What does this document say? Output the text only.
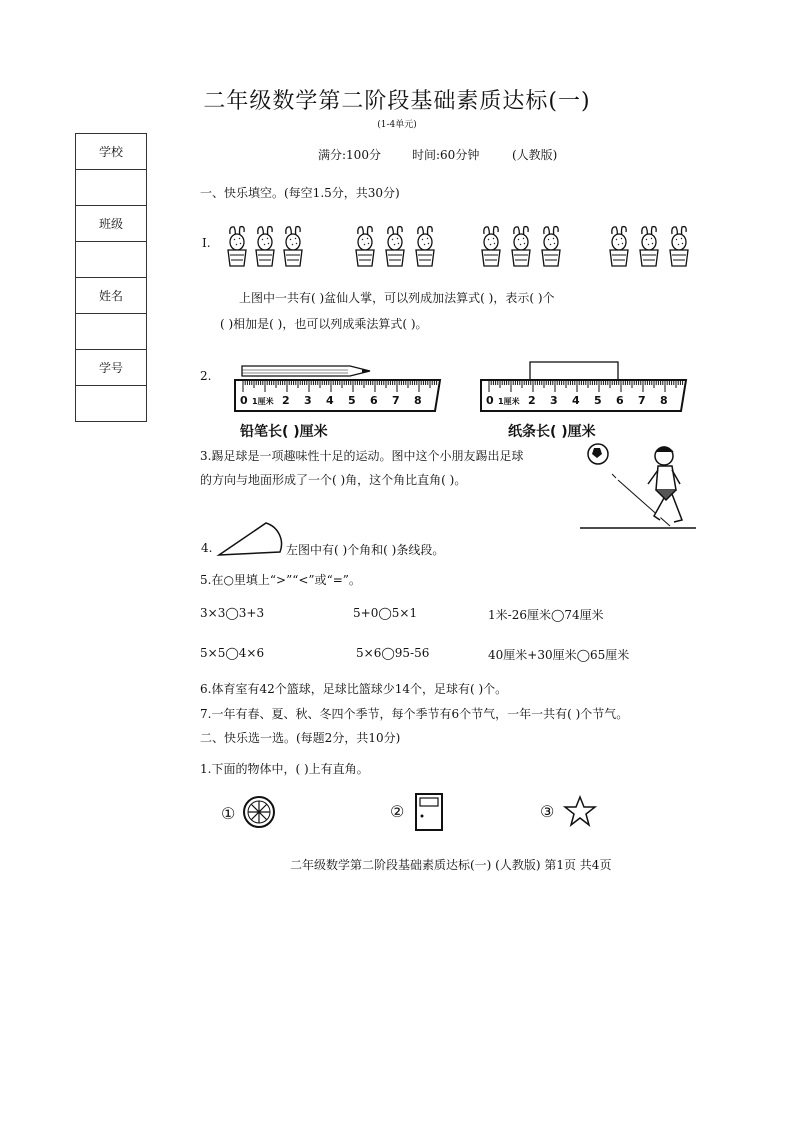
二年级数学第二阶段基础素质达标(一)
(1-4单元)
满分:100分	时间:60分钟	(人教版)
学校

班级

姓名

学号

一、快乐填空。(每空1.5分，共30分)
I.
上图中一共有( )盆仙人掌，可以列成加法算式( )，表示( )个
( )相加是( )，也可以列成乘法算式( )。
2.
0 1厘米 2 3 4 5 6 7 8	0 1厘米 2 3 4 5 6 7 8
铅笔长( )厘米	纸条长( )厘米
3.踢足球是一项趣味性十足的运动。图中这个小朋友踢出足球
的方向与地面形成了一个( )角，这个角比直角( )。
4.	左图中有( )个角和( )条线段。
5.在○里填上“>”“<”或“=”。
3×3◯3+3	5+0◯5×1	1米-26厘米◯74厘米
5×5◯4×6	5×6◯95-56	40厘米+30厘米◯65厘米
6.体育室有42个篮球，足球比篮球少14个，足球有( )个。
7.一年有春、夏、秋、冬四个季节，每个季节有6个节气，一年一共有( )个节气。
二、快乐选一选。(每题2分，共10分)
1.下面的物体中，( )上有直角。
①	②	③
二年级数学第二阶段基础素质达标(一) (人教版) 第1页 共4页
